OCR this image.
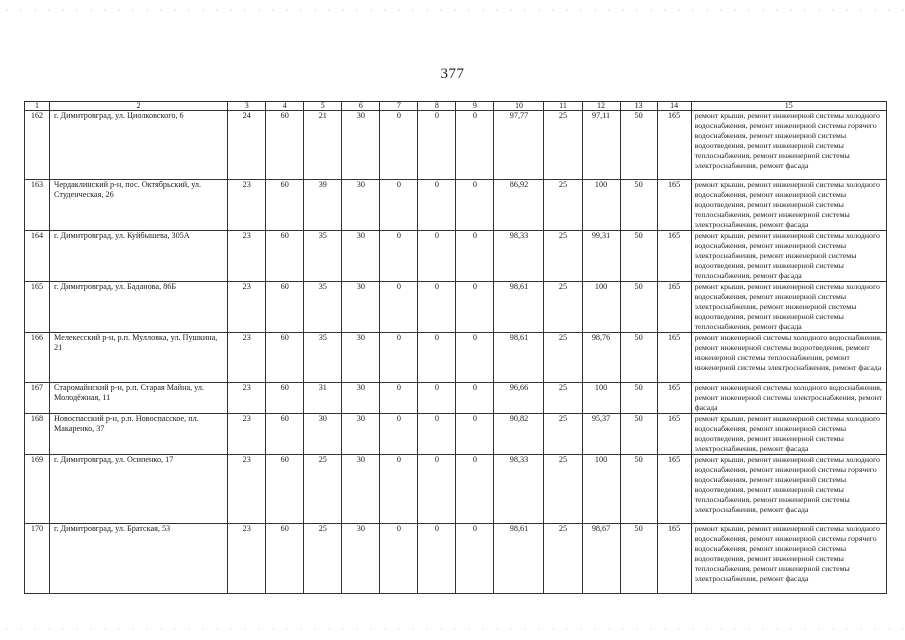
377
1	2	3	4	5	6	7	8	9	10	11	12	13	14	15
162	г. Димитровград, ул. Циолковского, 6	24	60	21	30	0	0	0	97,77	25	97,11	50	165	ремонт крыши, ремонт инженерной системы холодного водоснабжения, ремонт инженерной системы горячего водоснабжения, ремонт инженерной системы водоотведения, ремонт инженерной системы теплоснабжения, ремонт инженерной системы электроснабжения, ремонт фасада
163	Чердаклинский р-н, пос. Октябрьский, ул. Студенческая, 26	23	60	39	30	0	0	0	86,92	25	100	50	165	ремонт крыши, ремонт инженерной системы холодного водоснабжения, ремонт инженерной системы водоотведения, ремонт инженерной системы теплоснабжения, ремонт инженерной системы электроснабжения, ремонт фасада
164	г. Димитровград, ул. Куйбышева, 305А	23	60	35	30	0	0	0	98,33	25	99,31	50	165	ремонт крыши, ремонт инженерной системы холодного водоснабжения, ремонт инженерной системы электроснабжения, ремонт инженерной системы водоотведения, ремонт инженерной системы теплоснабжения, ремонт фасада
165	г. Димитровград, ул. Баданова, 86Б	23	60	35	30	0	0	0	98,61	25	100	50	165	ремонт крыши, ремонт инженерной системы холодного водоснабжения, ремонт инженерной системы электроснабжения, ремонт инженерной системы водоотведения, ремонт инженерной системы теплоснабжения, ремонт фасада
166	Мелекесский р-н, р.п. Мулловка, ул. Пушкина, 21	23	60	35	30	0	0	0	98,61	25	98,76	50	165	ремонт инженерной системы холодного водоснабжения, ремонт инженерной системы водоотведения, ремонт инженерной системы теплоснабжения, ремонт инженерной системы электроснабжения, ремонт фасада
167	Старомайнский р-н, р.п. Старая Майна, ул. Молодёжная, 11	23	60	31	30	0	0	0	96,66	25	100	50	165	ремонт инженерной системы холодного водоснабжения, ремонт инженерной системы электроснабжения, ремонт фасада
168	Новоспасский р-н, р.п. Новоспасское, пл. Макаренко, 37	23	60	30	30	0	0	0	90,82	25	95,37	50	165	ремонт крыши, ремонт инженерной системы холодного водоснабжения, ремонт инженерной системы водоотведения, ремонт инженерной системы электроснабжения, ремонт фасада
169	г. Димитровград, ул. Осипенко, 17	23	60	25	30	0	0	0	98,33	25	100	50	165	ремонт крыши, ремонт инженерной системы холодного водоснабжения, ремонт инженерной системы горячего водоснабжения, ремонт инженерной системы водоотведения, ремонт инженерной системы теплоснабжения, ремонт инженерной системы электроснабжения, ремонт фасада
170	г. Димитровград, ул. Братская, 53	23	60	25	30	0	0	0	98,61	25	98,67	50	165	ремонт крыши, ремонт инженерной системы холодного водоснабжения, ремонт инженерной системы горячего водоснабжения, ремонт инженерной системы водоотведения, ремонт инженерной системы теплоснабжения, ремонт инженерной системы электроснабжения, ремонт фасада
